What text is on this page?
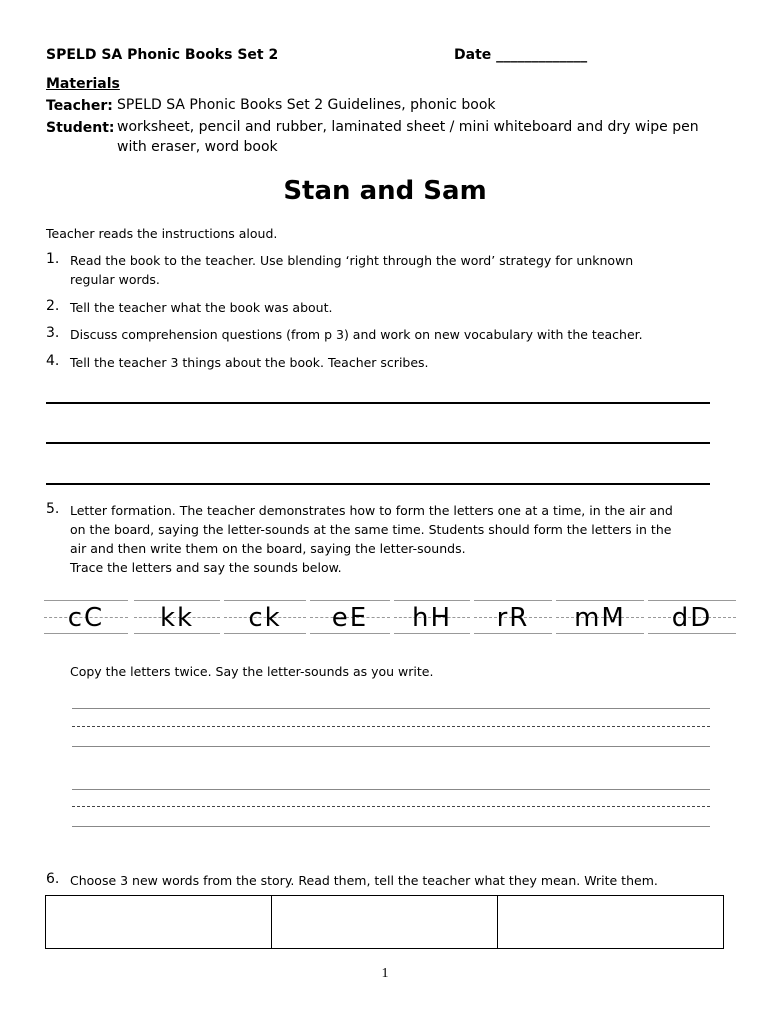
SPELD SA Phonic Books Set 2	Date _____________
Materials
Teacher: SPELD SA Phonic Books Set 2 Guidelines, phonic book
Student: worksheet, pencil and rubber, laminated sheet / mini whiteboard and dry wipe pen
with eraser, word book
Stan and Sam
Teacher reads the instructions aloud.
1. Read the book to the teacher. Use blending ‘right through the word’ strategy for unknown
regular words.
2. Tell the teacher what the book was about.
3. Discuss comprehension questions (from p 3) and work on new vocabulary with the teacher.
4. Tell the teacher 3 things about the book. Teacher scribes.
5. Letter formation. The teacher demonstrates how to form the letters one at a time, in the air and
on the board, saying the letter-sounds at the same time. Students should form the letters in the
air and then write them on the board, saying the letter-sounds.
Trace the letters and say the sounds below.
cC	kk	ck	eE	hH	rR	mM	dD
Copy the letters twice. Say the letter-sounds as you write.
6. Choose 3 new words from the story. Read them, tell the teacher what they mean. Write them.
1
